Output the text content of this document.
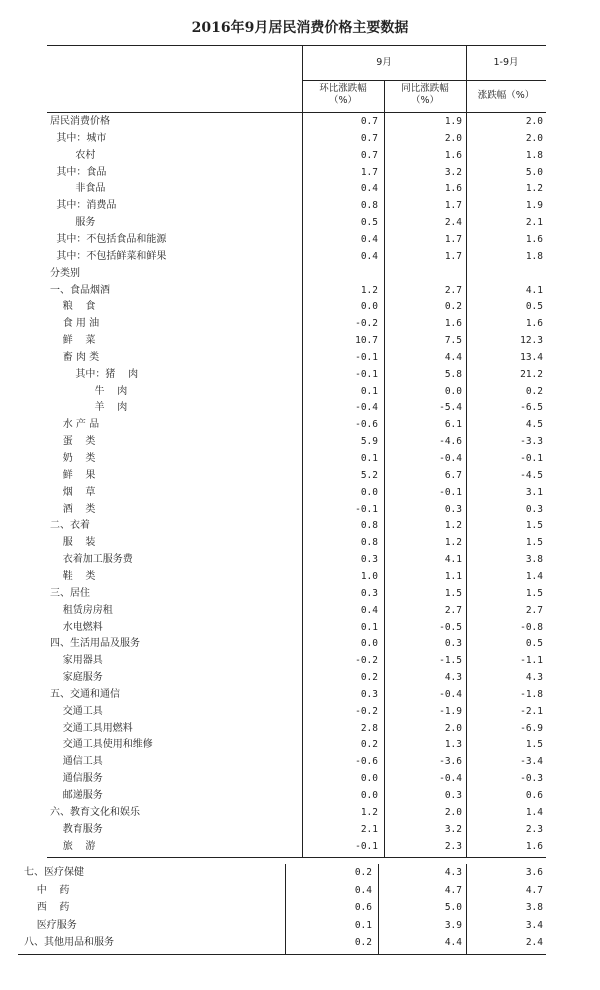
2016年9月居民消费价格主要数据
9月	1-9月
环比涨跌幅
（%）
同比涨跌幅
（%）	涨跌幅（%）
居民消费价格	0.7	1.9	2.0
其中：城市	0.7	2.0	2.0
农村	0.7	1.6	1.8
其中：食品	1.7	3.2	5.0
非食品	0.4	1.6	1.2
其中：消费品	0.8	1.7	1.9
服务	0.5	2.4	2.1
其中：不包括食品和能源	0.4	1.7	1.6
其中：不包括鲜菜和鲜果	0.4	1.7	1.8
分类别
一、食品烟酒	1.2	2.7	4.1
粮    食	0.0	0.2	0.5
食 用 油	-0.2	1.6	1.6
鲜    菜	10.7	7.5	12.3
畜 肉 类	-0.1	4.4	13.4
其中：猪    肉	-0.1	5.8	21.2
牛    肉	0.1	0.0	0.2
羊    肉	-0.4	-5.4	-6.5
水 产 品	-0.6	6.1	4.5
蛋    类	5.9	-4.6	-3.3
奶    类	0.1	-0.4	-0.1
鲜    果	5.2	6.7	-4.5
烟    草	0.0	-0.1	3.1
酒    类	-0.1	0.3	0.3
二、衣着	0.8	1.2	1.5
服    装	0.8	1.2	1.5
衣着加工服务费	0.3	4.1	3.8
鞋    类	1.0	1.1	1.4
三、居住	0.3	1.5	1.5
租赁房房租	0.4	2.7	2.7
水电燃料	0.1	-0.5	-0.8
四、生活用品及服务	0.0	0.3	0.5
家用器具	-0.2	-1.5	-1.1
家庭服务	0.2	4.3	4.3
五、交通和通信	0.3	-0.4	-1.8
交通工具	-0.2	-1.9	-2.1
交通工具用燃料	2.8	2.0	-6.9
交通工具使用和维修	0.2	1.3	1.5
通信工具	-0.6	-3.6	-3.4
通信服务	0.0	-0.4	-0.3
邮递服务	0.0	0.3	0.6
六、教育文化和娱乐	1.2	2.0	1.4
教育服务	2.1	3.2	2.3
旅    游	-0.1	2.3	1.6
七、医疗保健	0.2	4.3	3.6
中    药	0.4	4.7	4.7
西    药	0.6	5.0	3.8
医疗服务	0.1	3.9	3.4
八、其他用品和服务	0.2	4.4	2.4
